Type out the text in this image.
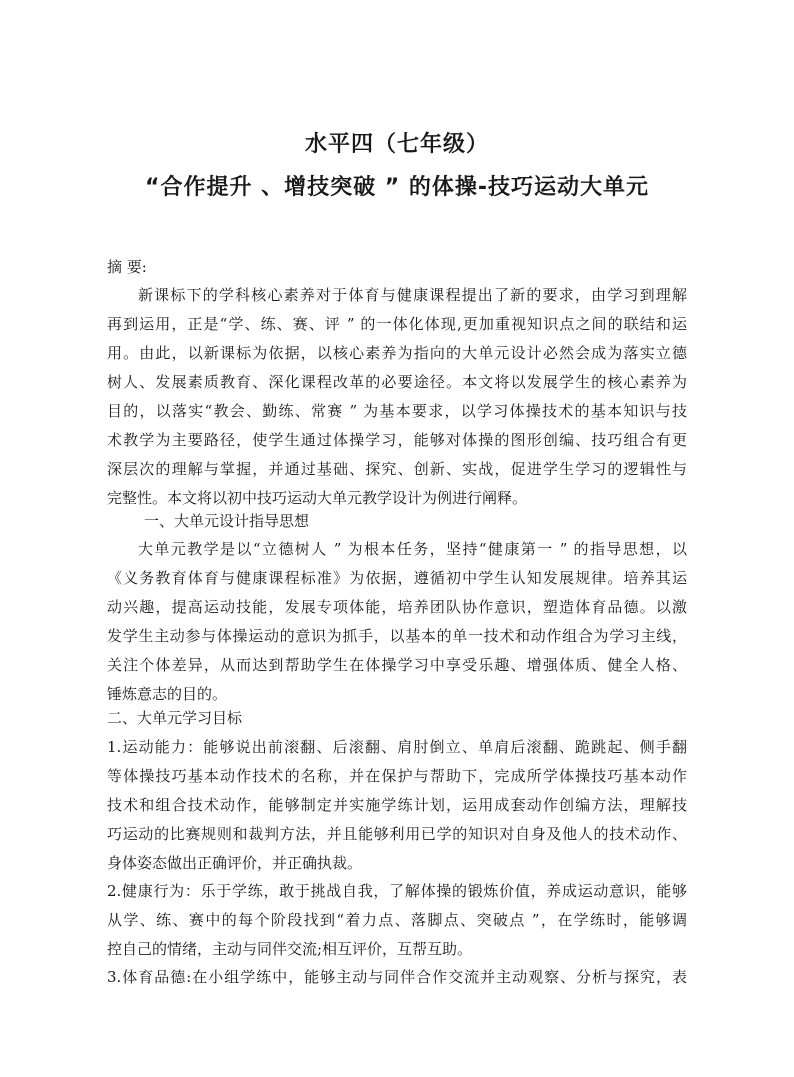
水平四（七年级）
“合作提升 、增技突破 ” 的体操-技巧运动大单元
摘 要:
新课标下的学科核心素养对于体育与健康课程提出了新的要求，由学习到理解
再到运用，正是“学、练、赛、评 ” 的一体化体现,更加重视知识点之间的联结和运
用。由此，以新课标为依据，以核心素养为指向的大单元设计必然会成为落实立德
树人、发展素质教育、深化课程改革的必要途径。本文将以发展学生的核心素养为
目的，以落实“教会、勤练、常赛 ” 为基本要求，以学习体操技术的基本知识与技
术教学为主要路径，使学生通过体操学习，能够对体操的图形创编、技巧组合有更
深层次的理解与掌握，并通过基础、探究、创新、实战，促进学生学习的逻辑性与
完整性。本文将以初中技巧运动大单元教学设计为例进行阐释。
一、大单元设计指导思想
大单元教学是以“立德树人 ” 为根本任务，坚持“健康第一 ” 的指导思想，以
《义务教育体育与健康课程标准》为依据，遵循初中学生认知发展规律。培养其运
动兴趣，提高运动技能，发展专项体能，培养团队协作意识，塑造体育品德。以激
发学生主动参与体操运动的意识为抓手，以基本的单一技术和动作组合为学习主线，
关注个体差异，从而达到帮助学生在体操学习中享受乐趣、增强体质、健全人格、
锤炼意志的目的。
二、大单元学习目标
1.运动能力：能够说出前滚翻、后滚翻、肩肘倒立、单肩后滚翻、跪跳起、侧手翻
等体操技巧基本动作技术的名称，并在保护与帮助下，完成所学体操技巧基本动作
技术和组合技术动作，能够制定并实施学练计划，运用成套动作创编方法，理解技
巧运动的比赛规则和裁判方法，并且能够利用已学的知识对自身及他人的技术动作、
身体姿态做出正确评价，并正确执裁。
2.健康行为：乐于学练，敢于挑战自我，了解体操的锻炼价值，养成运动意识，能够
从学、练、赛中的每个阶段找到“着力点、落脚点、突破点 ”，在学练时，能够调
控自己的情绪，主动与同伴交流;相互评价，互帮互助。
3.体育品德:在小组学练中，能够主动与同伴合作交流并主动观察、分析与探究，表
